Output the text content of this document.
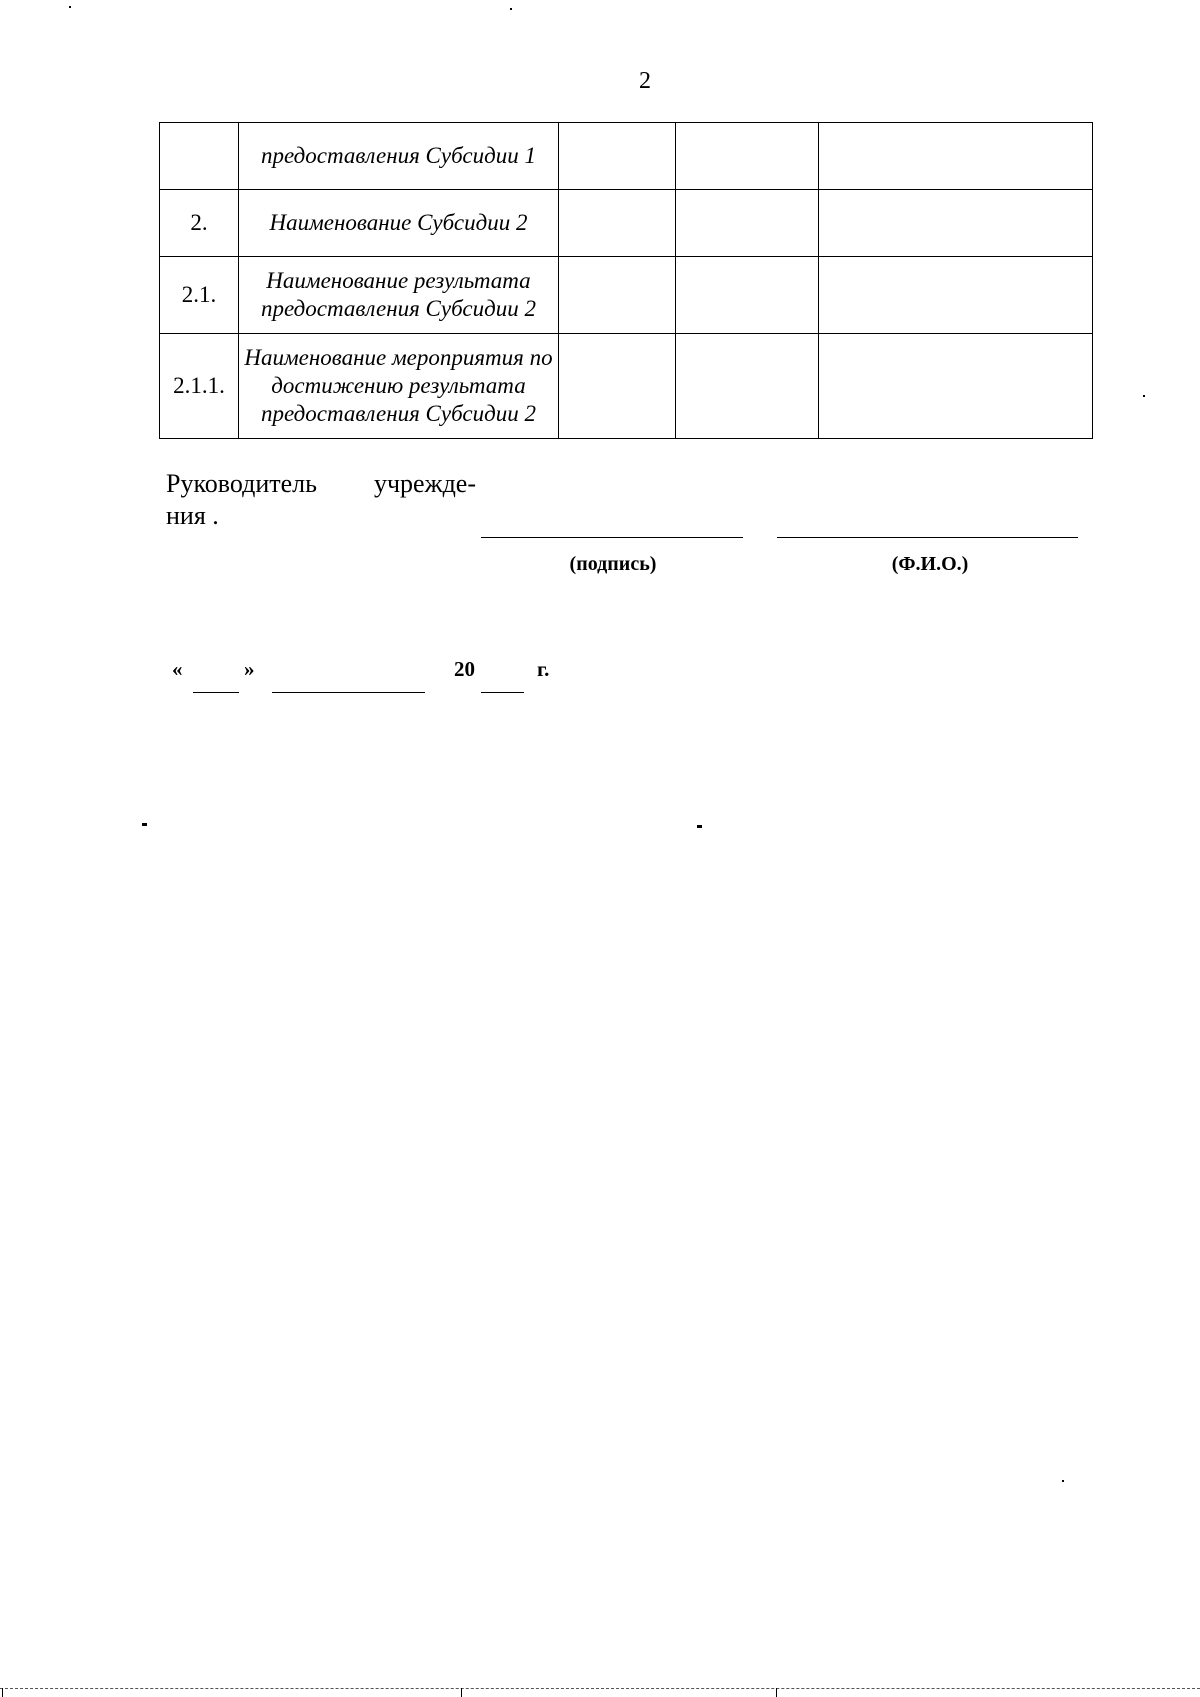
2
	предоставления Субсидии 1			
2.	Наименование Субсидии 2			
2.1.	Наименование результата предоставления Субсидии 2			
2.1.1.	Наименование мероприятия по достижению результата предоставления Субсидии 2			
Руководитель учрежде-
ния .
(подпись)	(Ф.И.О.)
«	»	20	г.
